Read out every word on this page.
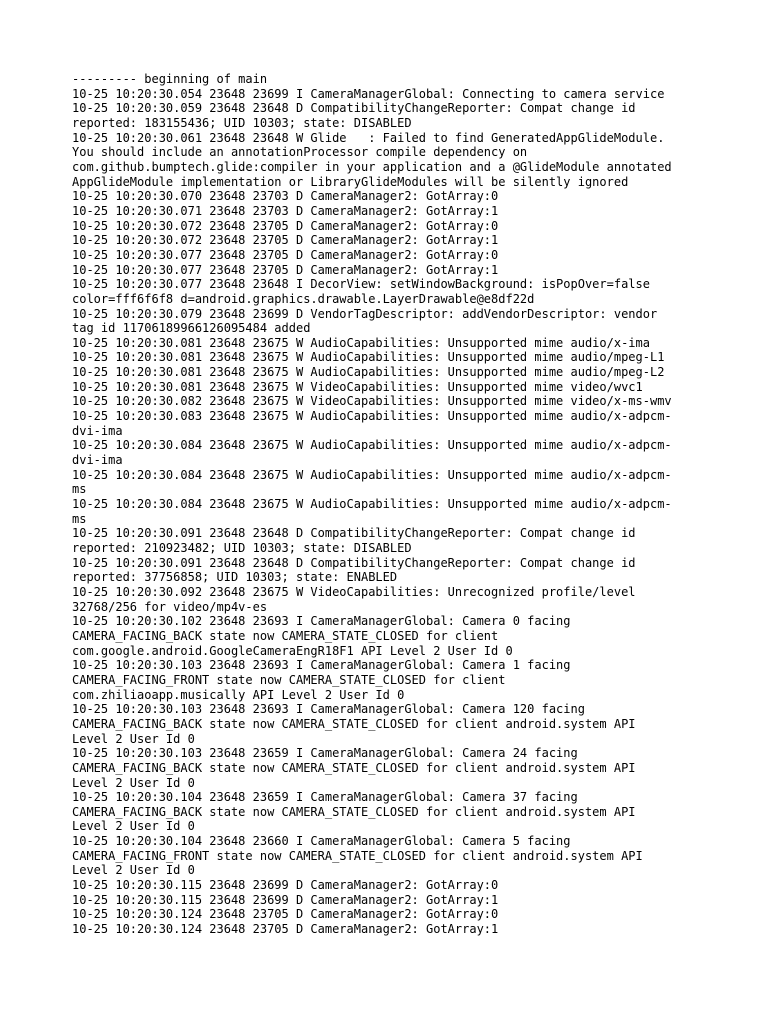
--------- beginning of main
10-25 10:20:30.054 23648 23699 I CameraManagerGlobal: Connecting to camera service
10-25 10:20:30.059 23648 23648 D CompatibilityChangeReporter: Compat change id
reported: 183155436; UID 10303; state: DISABLED
10-25 10:20:30.061 23648 23648 W Glide   : Failed to find GeneratedAppGlideModule.
You should include an annotationProcessor compile dependency on
com.github.bumptech.glide:compiler in your application and a @GlideModule annotated
AppGlideModule implementation or LibraryGlideModules will be silently ignored
10-25 10:20:30.070 23648 23703 D CameraManager2: GotArray:0
10-25 10:20:30.071 23648 23703 D CameraManager2: GotArray:1
10-25 10:20:30.072 23648 23705 D CameraManager2: GotArray:0
10-25 10:20:30.072 23648 23705 D CameraManager2: GotArray:1
10-25 10:20:30.077 23648 23705 D CameraManager2: GotArray:0
10-25 10:20:30.077 23648 23705 D CameraManager2: GotArray:1
10-25 10:20:30.077 23648 23648 I DecorView: setWindowBackground: isPopOver=false
color=fff6f6f8 d=android.graphics.drawable.LayerDrawable@e8df22d
10-25 10:20:30.079 23648 23699 D VendorTagDescriptor: addVendorDescriptor: vendor
tag id 11706189966126095484 added
10-25 10:20:30.081 23648 23675 W AudioCapabilities: Unsupported mime audio/x-ima
10-25 10:20:30.081 23648 23675 W AudioCapabilities: Unsupported mime audio/mpeg-L1
10-25 10:20:30.081 23648 23675 W AudioCapabilities: Unsupported mime audio/mpeg-L2
10-25 10:20:30.081 23648 23675 W VideoCapabilities: Unsupported mime video/wvc1
10-25 10:20:30.082 23648 23675 W VideoCapabilities: Unsupported mime video/x-ms-wmv
10-25 10:20:30.083 23648 23675 W AudioCapabilities: Unsupported mime audio/x-adpcm-
dvi-ima
10-25 10:20:30.084 23648 23675 W AudioCapabilities: Unsupported mime audio/x-adpcm-
dvi-ima
10-25 10:20:30.084 23648 23675 W AudioCapabilities: Unsupported mime audio/x-adpcm-
ms
10-25 10:20:30.084 23648 23675 W AudioCapabilities: Unsupported mime audio/x-adpcm-
ms
10-25 10:20:30.091 23648 23648 D CompatibilityChangeReporter: Compat change id
reported: 210923482; UID 10303; state: DISABLED
10-25 10:20:30.091 23648 23648 D CompatibilityChangeReporter: Compat change id
reported: 37756858; UID 10303; state: ENABLED
10-25 10:20:30.092 23648 23675 W VideoCapabilities: Unrecognized profile/level
32768/256 for video/mp4v-es
10-25 10:20:30.102 23648 23693 I CameraManagerGlobal: Camera 0 facing
CAMERA_FACING_BACK state now CAMERA_STATE_CLOSED for client
com.google.android.GoogleCameraEngR18F1 API Level 2 User Id 0
10-25 10:20:30.103 23648 23693 I CameraManagerGlobal: Camera 1 facing
CAMERA_FACING_FRONT state now CAMERA_STATE_CLOSED for client
com.zhiliaoapp.musically API Level 2 User Id 0
10-25 10:20:30.103 23648 23693 I CameraManagerGlobal: Camera 120 facing
CAMERA_FACING_BACK state now CAMERA_STATE_CLOSED for client android.system API
Level 2 User Id 0
10-25 10:20:30.103 23648 23659 I CameraManagerGlobal: Camera 24 facing
CAMERA_FACING_BACK state now CAMERA_STATE_CLOSED for client android.system API
Level 2 User Id 0
10-25 10:20:30.104 23648 23659 I CameraManagerGlobal: Camera 37 facing
CAMERA_FACING_BACK state now CAMERA_STATE_CLOSED for client android.system API
Level 2 User Id 0
10-25 10:20:30.104 23648 23660 I CameraManagerGlobal: Camera 5 facing
CAMERA_FACING_FRONT state now CAMERA_STATE_CLOSED for client android.system API
Level 2 User Id 0
10-25 10:20:30.115 23648 23699 D CameraManager2: GotArray:0
10-25 10:20:30.115 23648 23699 D CameraManager2: GotArray:1
10-25 10:20:30.124 23648 23705 D CameraManager2: GotArray:0
10-25 10:20:30.124 23648 23705 D CameraManager2: GotArray:1
